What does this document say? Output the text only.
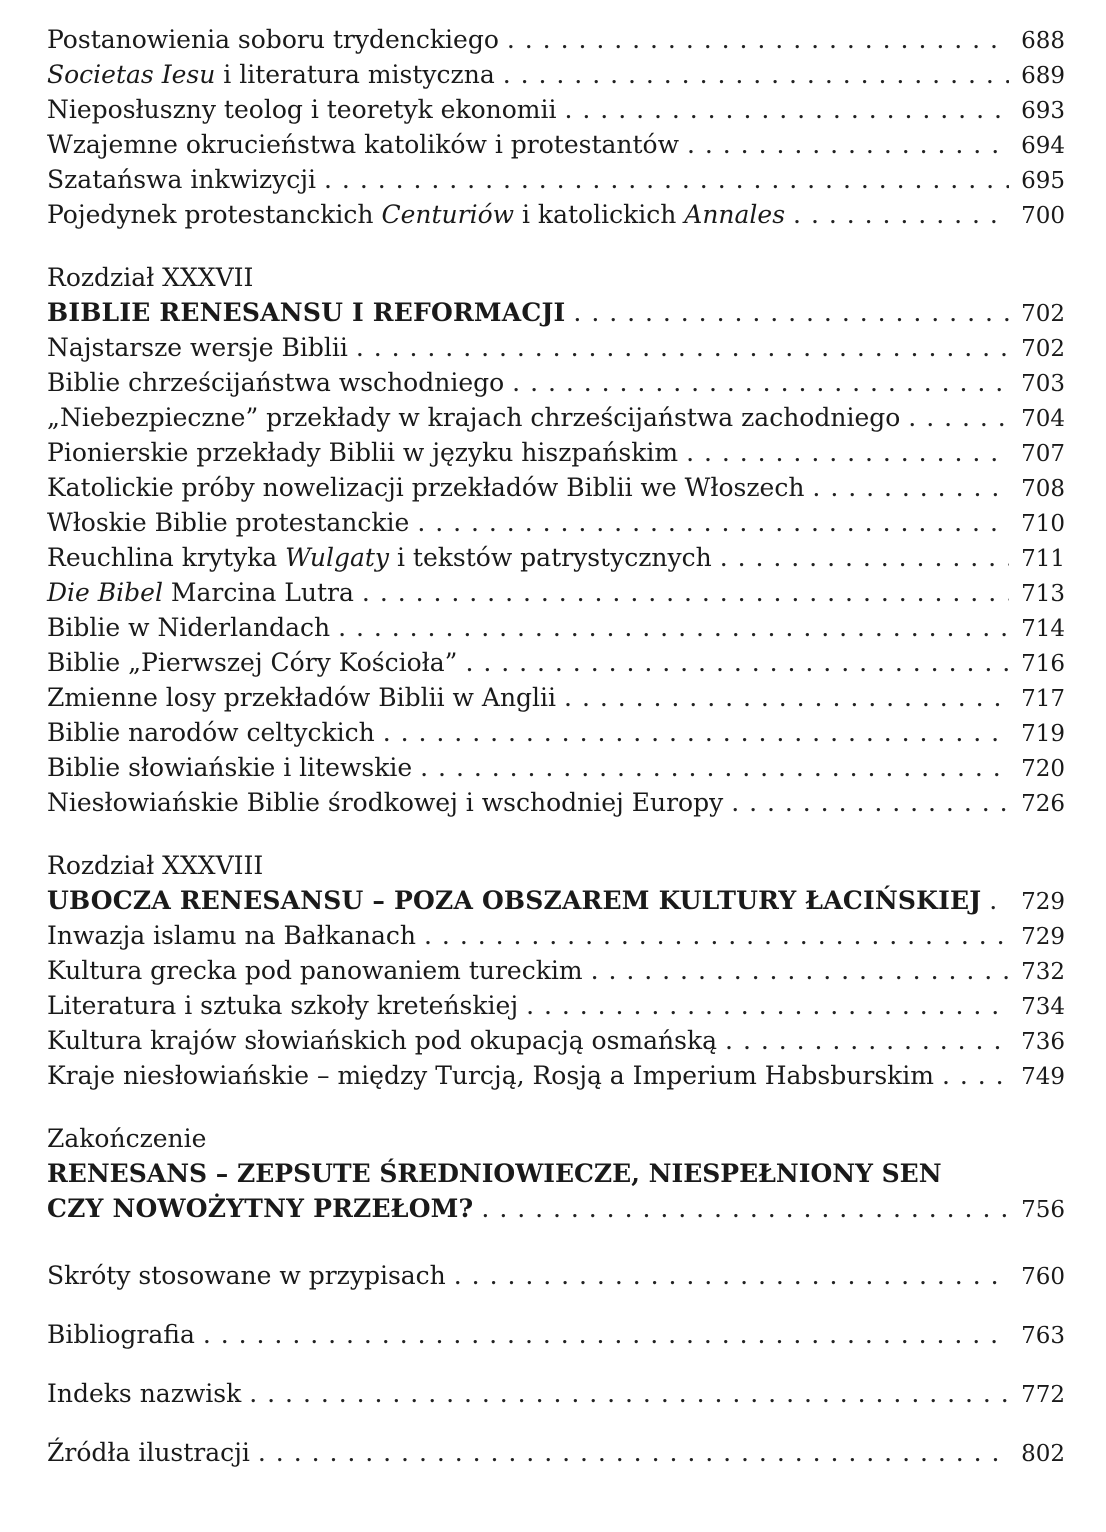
Postanowienia soboru trydenckiego . . .	688
Societas Iesu i literatura mistyczna . . .	689
Nieposłuszny teolog i teoretyk ekonomii . . .	693
Wzajemne okrucieństwa katolików i protestantów . . .	694
Szatańswa inkwizycji . . .	695
Pojedynek protestanckich Centuriów i katolickich Annales . . .	700
Rozdział XXXVII
BIBLIE RENESANSU I REFORMACJI . . .	702
Najstarsze wersje Biblii . . .	702
Biblie chrześcijaństwa wschodniego . . .	703
„Niebezpieczne” przekłady w krajach chrześcijaństwa zachodniego . . .	704
Pionierskie przekłady Biblii w języku hiszpańskim . . .	707
Katolickie próby nowelizacji przekładów Biblii we Włoszech . . .	708
Włoskie Biblie protestanckie . . .	710
Reuchlina krytyka Wulgaty i tekstów patrystycznych . . .	711
Die Bibel Marcina Lutra . . .	713
Biblie w Niderlandach . . .	714
Biblie „Pierwszej Córy Kościoła” . . .	716
Zmienne losy przekładów Biblii w Anglii . . .	717
Biblie narodów celtyckich . . .	719
Biblie słowiańskie i litewskie . . .	720
Niesłowiańskie Biblie środkowej i wschodniej Europy . . .	726
Rozdział XXXVIII
UBOCZA RENESANSU – POZA OBSZAREM KULTURY ŁACIŃSKIEJ . . . 729
Inwazja islamu na Bałkanach . . .	729
Kultura grecka pod panowaniem tureckim . . .	732
Literatura i sztuka szkoły kreteńskiej . . .	734
Kultura krajów słowiańskich pod okupacją osmańską . . .	736
Kraje niesłowiańskie – między Turcją, Rosją a Imperium Habsburskim . . .	749
Zakończenie
RENESANS – ZEPSUTE ŚREDNIOWIECZE, NIESPEŁNIONY SEN
CZY NOWOŻYTNY PRZEŁOM? . . .	756
Skróty stosowane w przypisach . . .	760
Bibliografia . . .	763
Indeks nazwisk . . .	772
Źródła ilustracji . . .	802
